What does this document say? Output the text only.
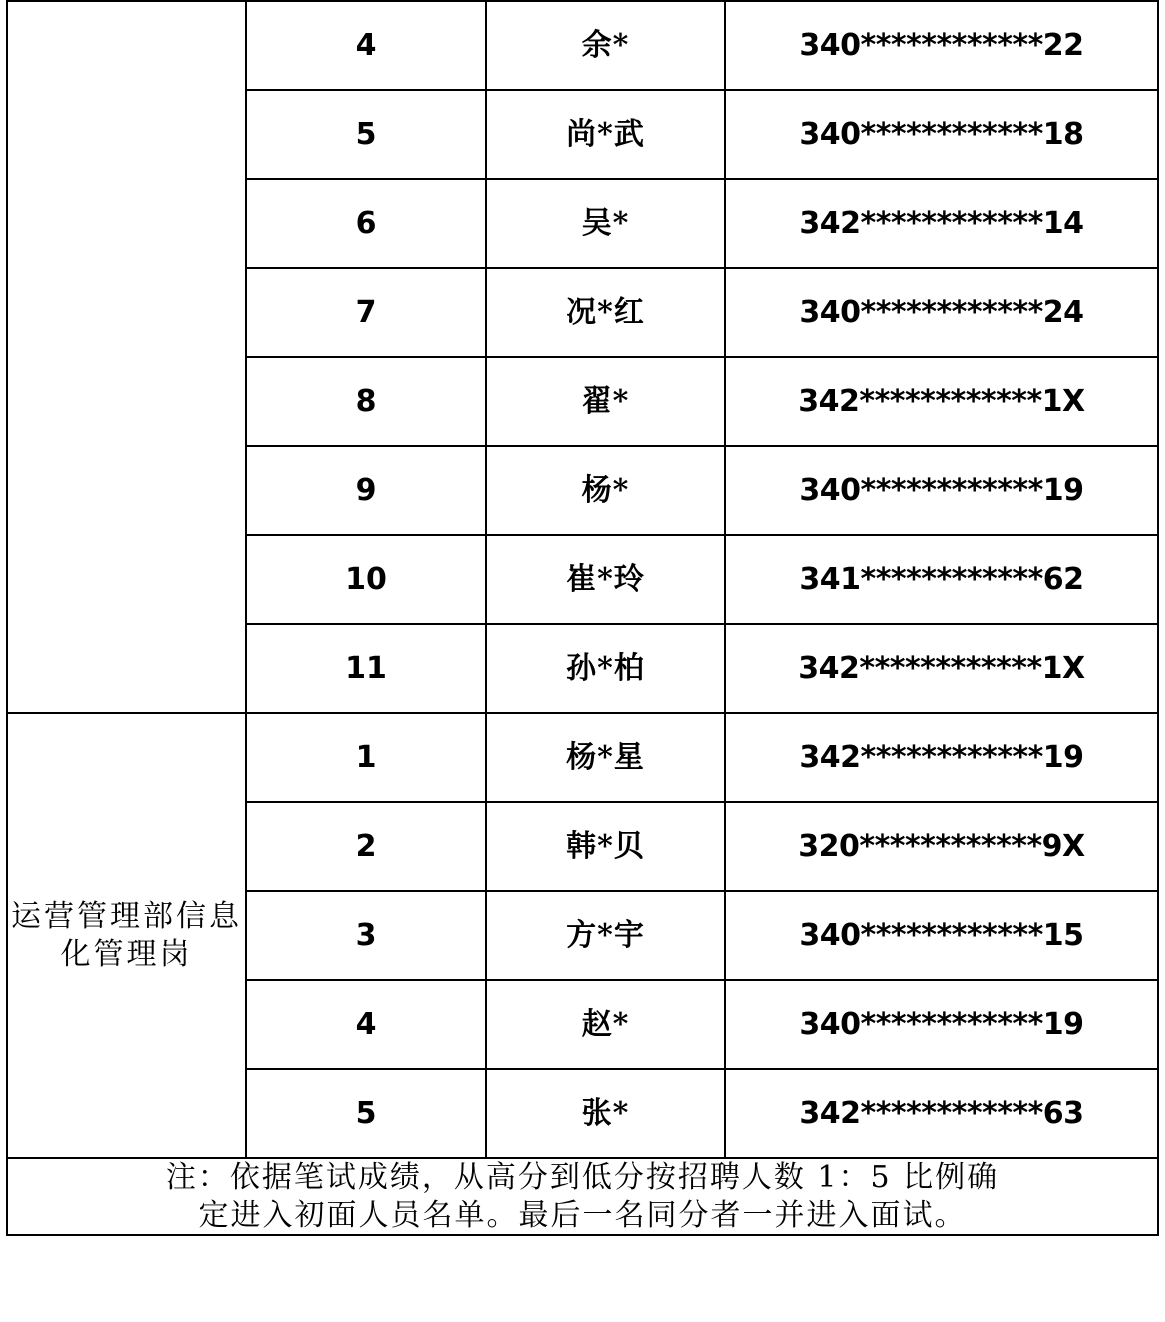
	4	余*	340************22
	5	尚*武	340************18
	6	吴*	342************14
	7	况*红	340************24
	8	翟*	342************1X
	9	杨*	340************19
	10	崔*玲	341************62
	11	孙*柏	342************1X
运营管理部信息化管理岗	1	杨*星	342************19
	2	韩*贝	320************9X
	3	方*宇	340************15
	4	赵*	340************19
	5	张*	342************63

注：依据笔试成绩，从高分到低分按招聘人数 1：5 比例确
定进入初面人员名单。最后一名同分者一并进入面试。			
